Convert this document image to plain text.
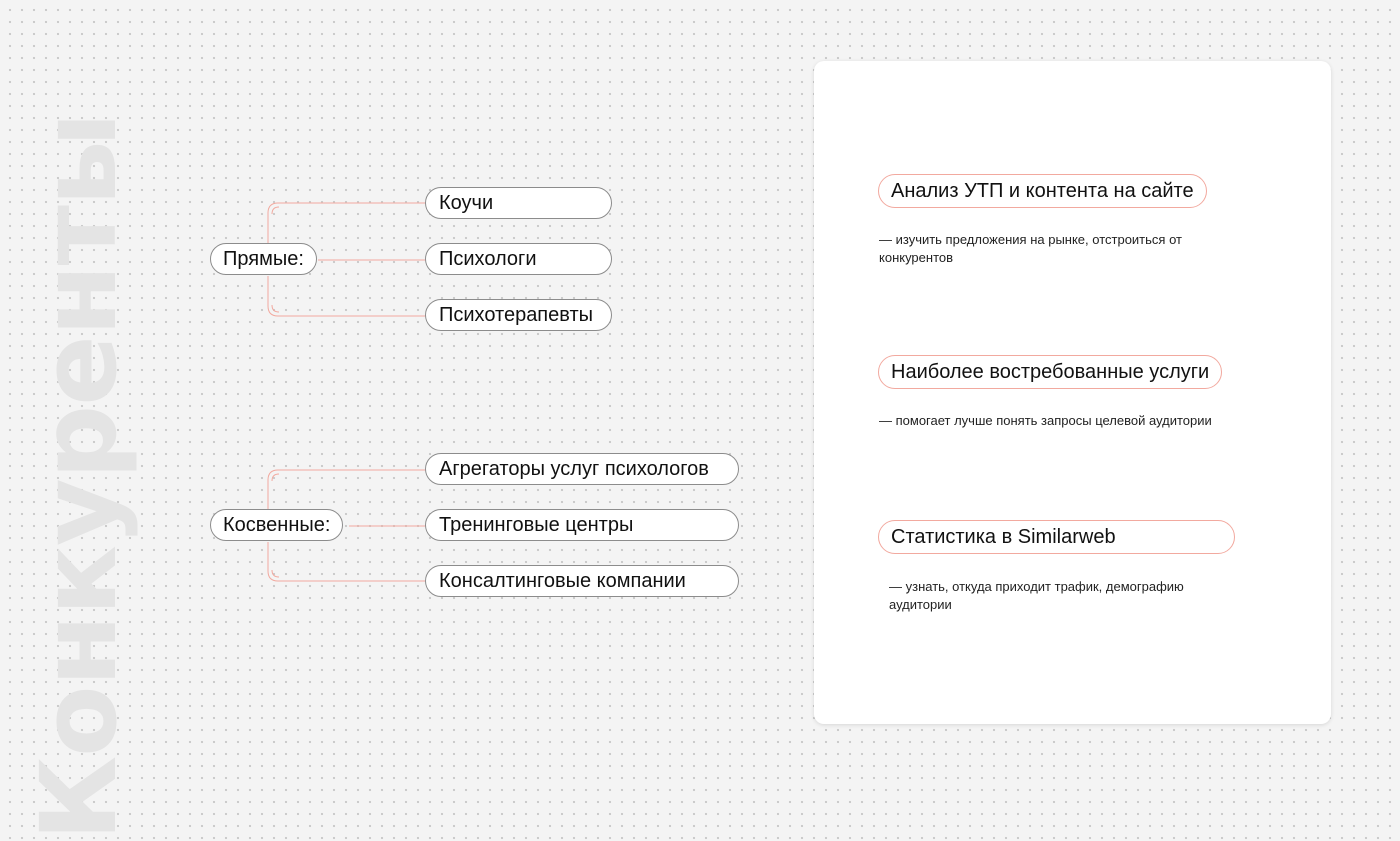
Конкуренты	Прямые:
Коучи
Психологи
Психотерапевты
Косвенные:
Агрегаторы услуг психологов
Тренинговые центры
Консалтинговые компании
Анализ УТП и контента на сайте
— изучить предложения на рынке, отстроиться от конкурентов
Наиболее востребованные услуги
— помогает лучше понять запросы целевой аудитории
Статистика в Similarweb
— узнать, откуда приходит трафик, демографию аудитории
